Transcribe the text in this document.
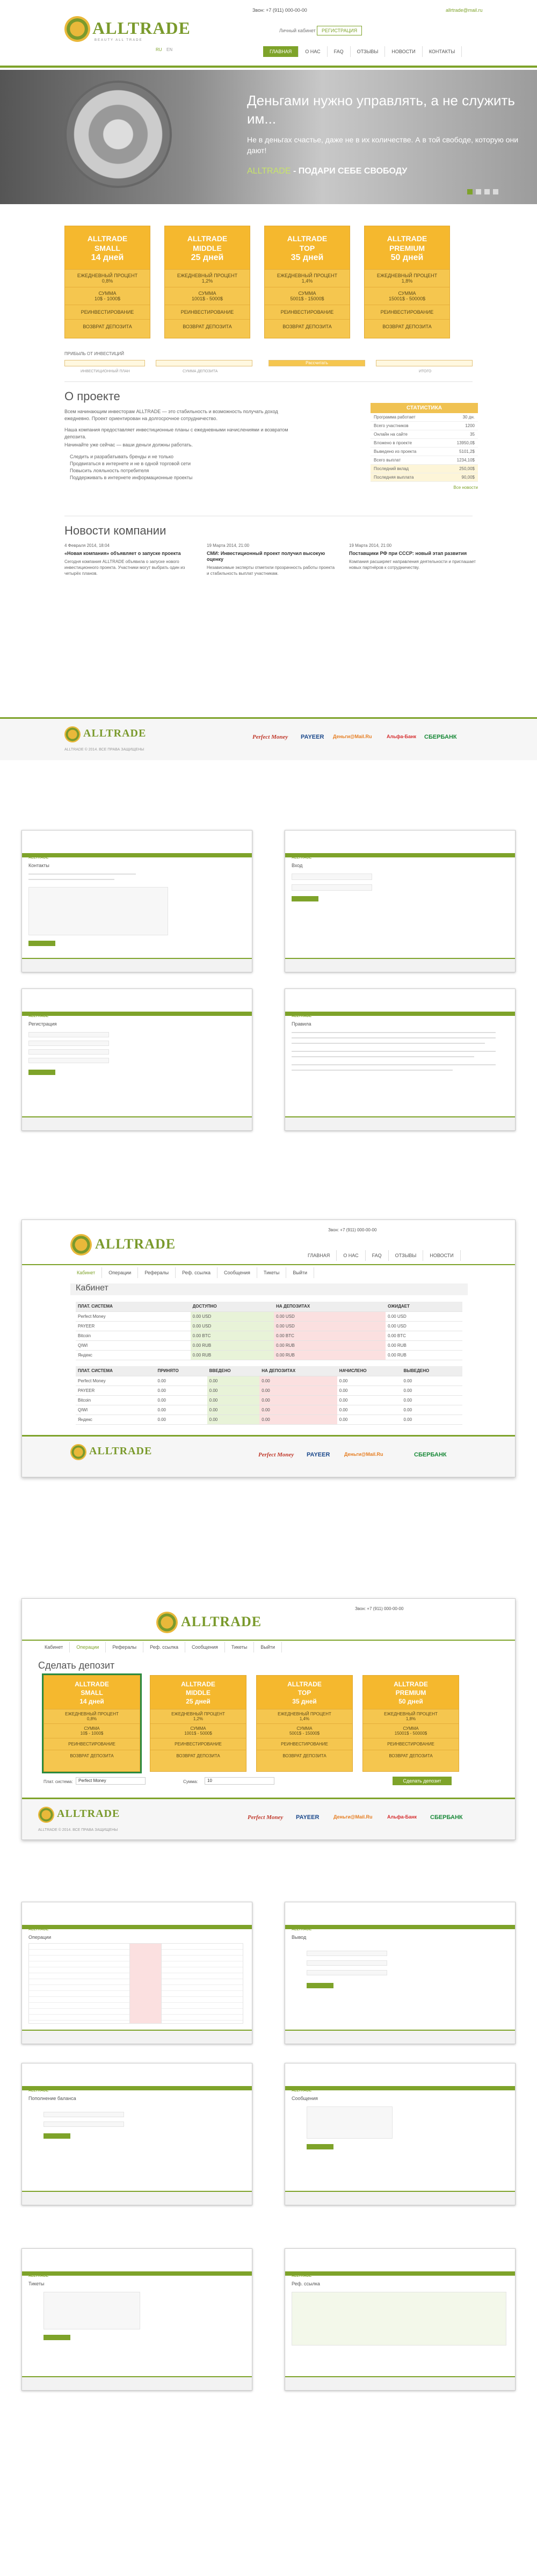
ALLTRADE
BEAUTY ALL TRADE
Звон: +7 (911) 000-00-00	allrtrade@mail.ru
Личный кабинет	РЕГИСТРАЦИЯ
RU EN	ГЛАВНАЯ	О НАС	FAQ	ОТЗЫВЫ	НОВОСТИ	КОНТАКТЫ
Деньгами нужно управлять, а не служить им...
Не в деньгах счастье, даже не в их количестве. А в той свободе, которую они дают!
ALLTRADE - ПОДАРИ СЕБЕ СВОБОДУ
ALLTRADE
SMALL
14 дней
ЕЖЕДНЕВНЫЙ ПРОЦЕНТ
0,8%
СУММА
10$ - 1000$
РЕИНВЕСТИРОВАНИЕ
ВОЗВРАТ ДЕПОЗИТА
ALLTRADE
MIDDLE
25 дней
ЕЖЕДНЕВНЫЙ ПРОЦЕНТ
1,2%
СУММА
1001$ - 5000$
РЕИНВЕСТИРОВАНИЕ
ВОЗВРАТ ДЕПОЗИТА
ALLTRADE
TOP
35 дней
ЕЖЕДНЕВНЫЙ ПРОЦЕНТ
1,4%
СУММА
5001$ - 15000$
РЕИНВЕСТИРОВАНИЕ
ВОЗВРАТ ДЕПОЗИТА
ALLTRADE
PREMIUM
50 дней
ЕЖЕДНЕВНЫЙ ПРОЦЕНТ
1,8%
СУММА
15001$ - 50000$
РЕИНВЕСТИРОВАНИЕ
ВОЗВРАТ ДЕПОЗИТА
ПРИБЫЛЬ ОТ ИНВЕСТИЦИЙ
Рассчитать
ИНВЕСТИЦИОННЫЙ ПЛАН	СУММА ДЕПОЗИТА	ИТОГО
О проекте
Всем начинающим инвесторам ALLTRADE — это стабильность и возможность получать доход ежедневно. Проект ориентирован на долгосрочное сотрудничество.
Наша компания предоставляет инвестиционные планы с ежедневными начислениями и возвратом депозита.
Начинайте уже сейчас — ваши деньги должны работать.
Следить и разрабатывать бренды и не только
Продвигаться в интернете и не в одной торговой сети
Повысить лояльность потребителя
Поддерживать в интернете информационные проекты
СТАТИСТИКА
Программа работает	30 дн.
Всего участников	1200
Онлайн на сайте	35
Вложено в проекте	13950,0$
Выведено из проекта	5101,2$
Всего выплат	1234,10$
Последний вклад	250,00$
Последняя выплата	90,00$
Все новости
Новости компании
4 Февраля 2014, 18:04
«Новая компания» объявляет о запуске проекта
Сегодня компания ALLTRADE объявила о запуске нового инвестиционного проекта. Участники могут выбрать один из четырёх планов.
19 Марта 2014, 21:00
СМИ: Инвестиционный проект получил высокую оценку
Независимые эксперты отметили прозрачность работы проекта и стабильность выплат участникам.
19 Марта 2014, 21:00
Поставщики РФ при СССР: новый этап развития
Компания расширяет направления деятельности и приглашает новых партнёров к сотрудничеству.
ALLTRADE
ALLTRADE © 2014. ВСЕ ПРАВА ЗАЩИЩЕНЫ
Perfect Money PAYEER Деньги@Mail.Ru	Альфа-Банк СБЕРБАНК
ALLTRADE
Контакты
ALLTRADE
Вход
ALLTRADE
Регистрация
ALLTRADE
Правила
ALLTRADE
Звон: +7 (911) 000-00-00
ГЛАВНАЯ	О НАС	FAQ	ОТЗЫВЫ	НОВОСТИ
Кабинет	Операции	Рефералы	Реф. ссылка	Сообщения	Тикеты	Выйти
Кабинет
ПЛАТ. СИСТЕМА	ДОСТУПНО	НА ДЕПОЗИТАХ	ОЖИДАЕТ
Perfect Money	0.00 USD	0.00 USD	0.00 USD
PAYEER	0.00 USD	0.00 USD	0.00 USD
Bitcoin	0.00 BTC	0.00 BTC	0.00 BTC
QIWI	0.00 RUB	0.00 RUB	0.00 RUB
Яндекс	0.00 RUB	0.00 RUB	0.00 RUB
ПЛАТ. СИСТЕМА	ПРИНЯТО	ВВЕДЕНО	НА ДЕПОЗИТАХ	НАЧИСЛЕНО	ВЫВЕДЕНО
Perfect Money	0.00	0.00	0.00	0.00	0.00
PAYEER	0.00	0.00	0.00	0.00	0.00
Bitcoin	0.00	0.00	0.00	0.00	0.00
QIWI	0.00	0.00	0.00	0.00	0.00
Яндекс	0.00	0.00	0.00	0.00	0.00
ALLTRADE	Perfect Money PAYEER	Деньги@Mail.Ru	СБЕРБАНК
ALLTRADE
Звон: +7 (911) 000-00-00
Кабинет	Операции	Рефералы	Реф. ссылка	Сообщения	Тикеты	Выйти
Сделать депозит
ALLTRADE
SMALL
14 дней
ЕЖЕДНЕВНЫЙ ПРОЦЕНТ
0,8%
СУММА
10$ - 1000$
РЕИНВЕСТИРОВАНИЕ
ВОЗВРАТ ДЕПОЗИТА
ALLTRADE
MIDDLE
25 дней
ЕЖЕДНЕВНЫЙ ПРОЦЕНТ
1,2%
СУММА
1001$ - 5000$
РЕИНВЕСТИРОВАНИЕ
ВОЗВРАТ ДЕПОЗИТА
ALLTRADE
TOP
35 дней
ЕЖЕДНЕВНЫЙ ПРОЦЕНТ
1,4%
СУММА
5001$ - 15000$
РЕИНВЕСТИРОВАНИЕ
ВОЗВРАТ ДЕПОЗИТА
ALLTRADE
PREMIUM
50 дней
ЕЖЕДНЕВНЫЙ ПРОЦЕНТ
1,8%
СУММА
15001$ - 50000$
РЕИНВЕСТИРОВАНИЕ
ВОЗВРАТ ДЕПОЗИТА
Плат. система:	Perfect Money	Сумма:	10	Сделать депозит
ALLTRADE
ALLTRADE © 2014. ВСЕ ПРАВА ЗАЩИЩЕНЫ
Perfect Money PAYEER	Деньги@Mail.Ru	Альфа-Банк СБЕРБАНК
ALLTRADE
Операции
ALLTRADE
Вывод
ALLTRADE
Пополнение баланса
ALLTRADE
Сообщения
ALLTRADE
Тикеты
ALLTRADE
Реф. ссылка
